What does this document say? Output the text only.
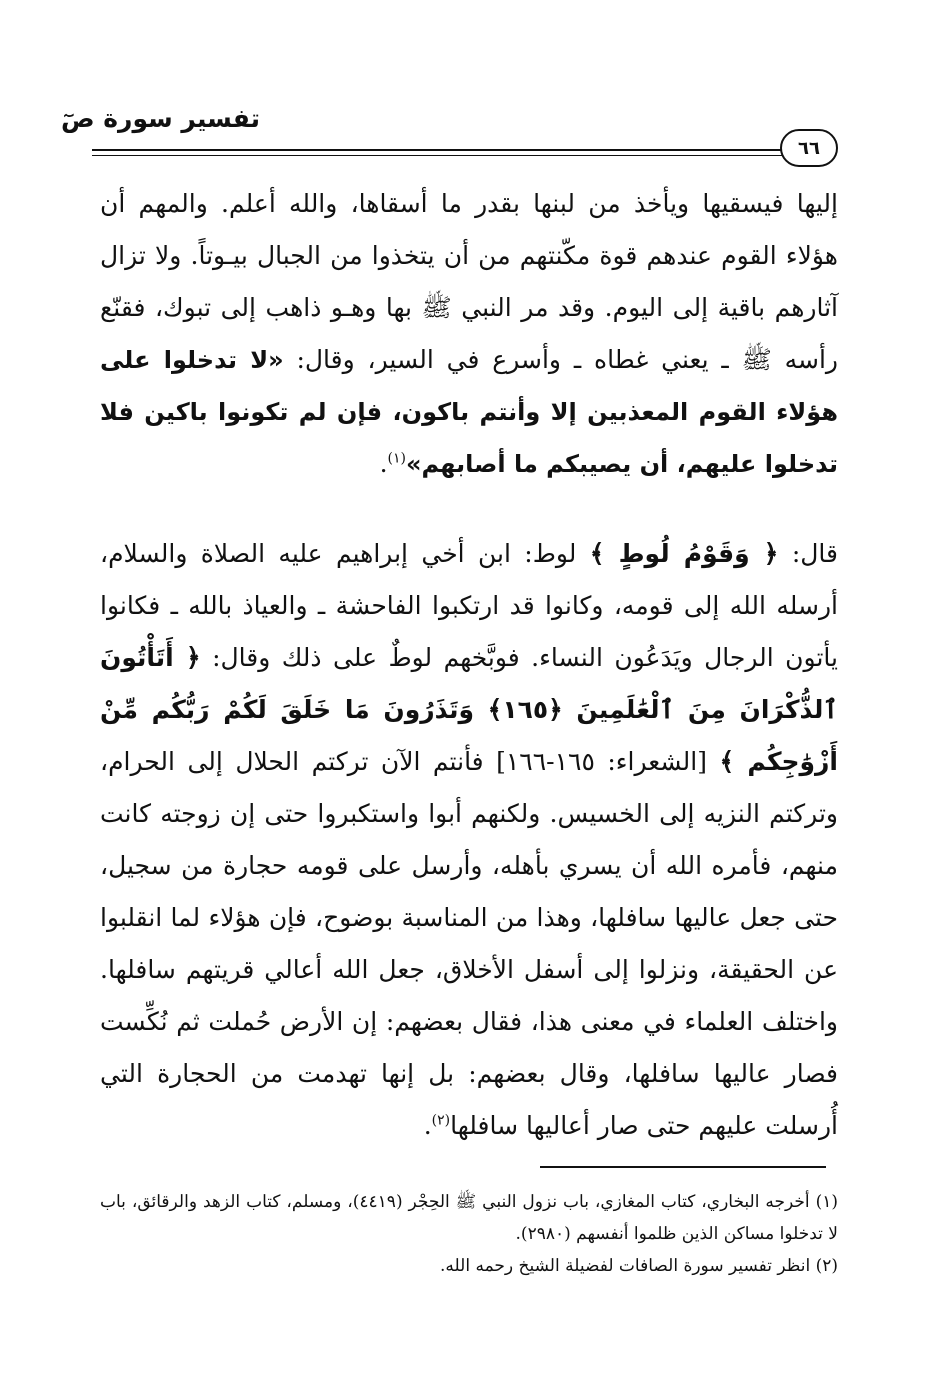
تفسير سورة صٓ
٦٦

إليها فيسقيها ويأخذ من لبنها بقدر ما أسقاها، والله أعلم. والمهم أن هؤلاء القوم عندهم قوة مكّنتهم من أن يتخذوا من الجبال بيـوتاً. ولا تزال آثارهم باقية إلى اليوم. وقد مر النبي ﷺ بها وهـو ذاهب إلى تبوك، فقنّع رأسه ﷺ ـ يعني غطاه ـ وأسرع في السير، وقال: «لا تدخلوا على هؤلاء القوم المعذبين إلا وأنتم باكون، فإن لم تكونوا باكين فلا تدخلوا عليهم، أن يصيبكم ما أصابهم»$^{(١)}$.

قال: ﴿ وَقَوْمُ لُوطٍ ﴾ لوط: ابن أخي إبراهيم عليه الصلاة والسلام، أرسله الله إلى قومه، وكانوا قد ارتكبوا الفاحشة ـ والعياذ بالله ـ فكانوا يأتون الرجال ويَدَعُون النساء. فوبَّخهم لوطٌ على ذلك وقال: ﴿ أَتَأْتُونَ ٱلذُّكْرَانَ مِنَ ٱلْعَٰلَمِينَ ﴿١٦٥﴾ وَتَذَرُونَ مَا خَلَقَ لَكُمْ رَبُّكُم مِّنْ أَزْوَٰجِكُم ﴾ [الشعراء: ١٦٥-١٦٦] فأنتم الآن تركتم الحلال إلى الحرام، وتركتم النزيه إلى الخسيس. ولكنهم أبوا واستكبروا حتى إن زوجته كانت منهم، فأمره الله أن يسري بأهله، وأرسل على قومه حجارة من سجيل، حتى جعل عاليها سافلها، وهذا من المناسبة بوضوح، فإن هؤلاء لما انقلبوا عن الحقيقة، ونزلوا إلى أسفل الأخلاق، جعل الله أعالي قريتهم سافلها. واختلف العلماء في معنى هذا، فقال بعضهم: إن الأرض حُملت ثم نُكِّست فصار عاليها سافلها، وقال بعضهم: بل إنها تهدمت من الحجارة التي أُرسلت عليهم حتى صار أعاليها سافلها$^{(٢)}$.

(١) أخرجه البخاري، كتاب المغازي، باب نزول النبي ﷺ الحِجْر (٤٤١٩)، ومسلم، كتاب الزهد والرقائق، باب لا تدخلوا مساكن الذين ظلموا أنفسهم (٢٩٨٠).

(٢) انظر تفسير سورة الصافات لفضيلة الشيخ رحمه الله.
